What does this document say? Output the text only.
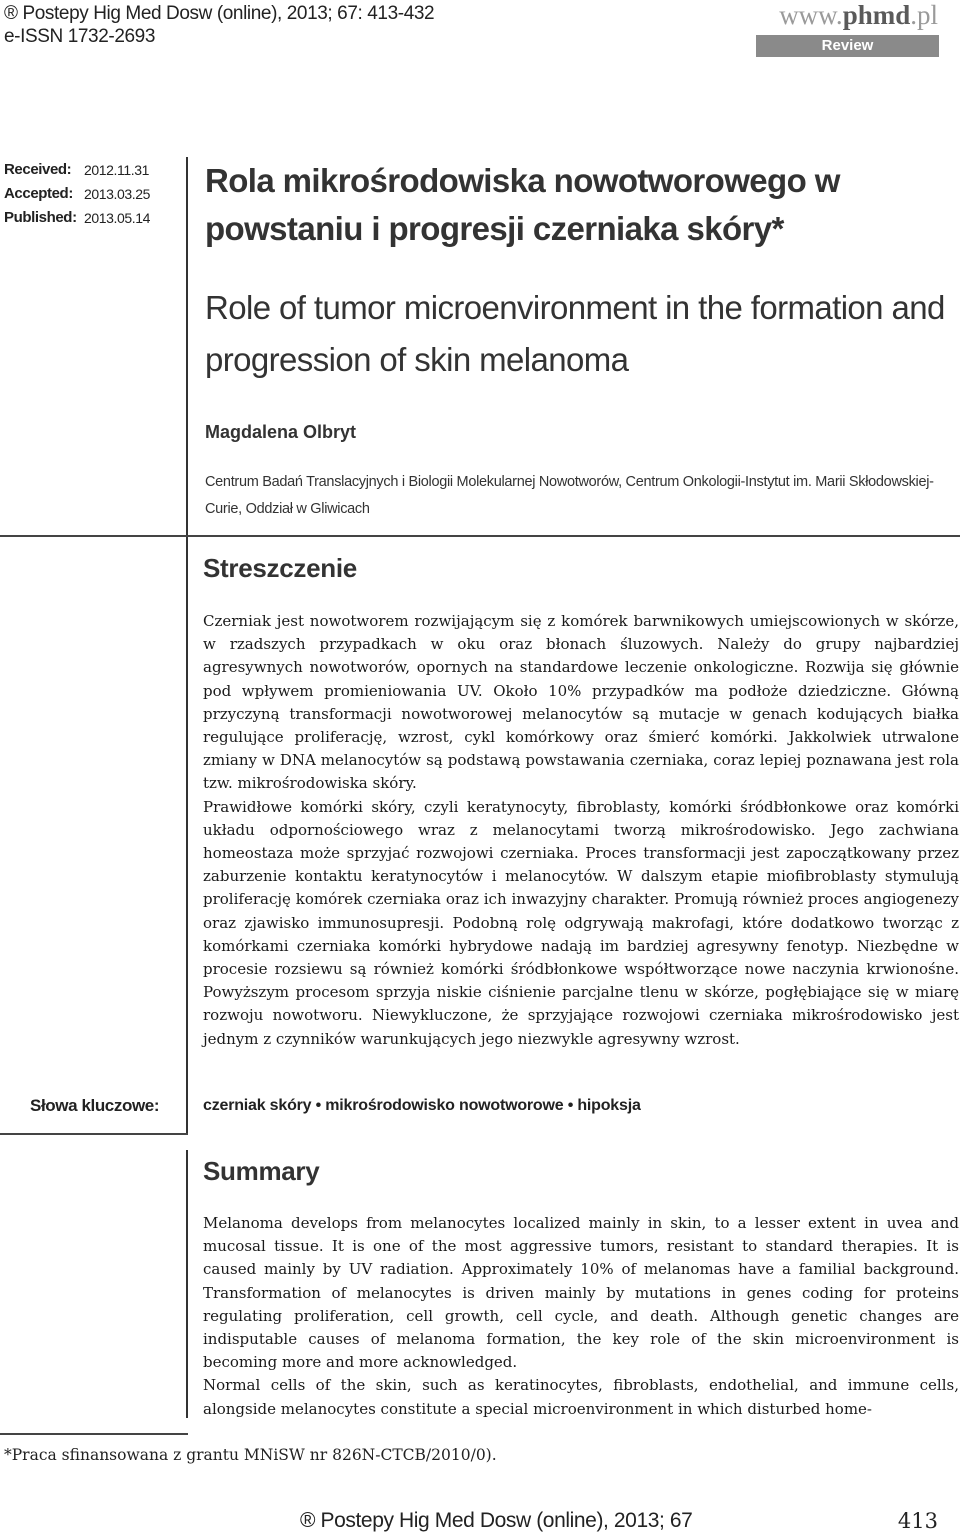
® Postepy Hig Med Dosw (online), 2013; 67: 413-432
e-ISSN 1732-2693
www.phmd.pl
Review
Received: 2012.11.31
Accepted: 2013.03.25
Published: 2013.05.14
Rola mikrośrodowiska nowotworowego w powstaniu i progresji czerniaka skóry*
Role of tumor microenvironment in the formation and progression of skin melanoma
Magdalena Olbryt
Centrum Badań Translacyjnych i Biologii Molekularnej Nowotworów, Centrum Onkologii-Instytut im. Marii Skłodowskiej-Curie, Oddział w Gliwicach
Streszczenie

Czerniak jest nowotworem rozwijającym się z komórek barwnikowych umiejscowionych w skórze, w rzadszych przypadkach w oku oraz błonach śluzowych. Należy do grupy najbardziej agresywnych nowotworów, opornych na standardowe leczenie onkologiczne. Rozwija się głównie pod wpływem promieniowania UV. Około 10% przypadków ma podłoże dziedziczne. Główną przyczyną transformacji nowotworowej melanocytów są mutacje w genach kodujących białka regulujące proliferację, wzrost, cykl komórkowy oraz śmierć komórki. Jakkolwiek utrwalone zmiany w DNA melanocytów są podstawą powstawania czerniaka, coraz lepiej poznawana jest rola tzw. mikrośrodowiska skóry.

Prawidłowe komórki skóry, czyli keratynocyty, fibroblasty, komórki śródbłonkowe oraz komórki układu odpornościowego wraz z melanocytami tworzą mikrośrodowisko. Jego zachwiana homeostaza może sprzyjać rozwojowi czerniaka. Proces transformacji jest zapoczątkowany przez zaburzenie kontaktu keratynocytów i melanocytów. W dalszym etapie miofibroblasty stymulują proliferację komórek czerniaka oraz ich inwazyjny charakter. Promują również proces angiogenezy oraz zjawisko immunosupresji. Podobną rolę odgrywają makrofagi, które dodatkowo tworząc z komórkami czerniaka komórki hybrydowe nadają im bardziej agresywny fenotyp. Niezbędne w procesie rozsiewu są również komórki śródbłonkowe współtworzące nowe naczynia krwionośne. Powyższym procesom sprzyja niskie ciśnienie parcjalne tlenu w skórze, pogłębiające się w miarę rozwoju nowotworu. Niewykluczone, że sprzyjające rozwojowi czerniaka mikrośrodowisko jest jednym z czynników warunkujących jego niezwykle agresywny wzrost.

Słowa kluczowe:	czerniak skóry • mikrośrodowisko nowotworowe • hipoksja
Summary

Melanoma develops from melanocytes localized mainly in skin, to a lesser extent in uvea and mucosal tissue. It is one of the most aggressive tumors, resistant to standard therapies. It is caused mainly by UV radiation. Approximately 10% of melanomas have a familial background. Transformation of melanocytes is driven mainly by mutations in genes coding for proteins regulating proliferation, cell growth, cell cycle, and death. Although genetic changes are indisputable causes of melanoma formation, the key role of the skin microenvironment is becoming more and more acknowledged.

Normal cells of the skin, such as keratinocytes, fibroblasts, endothelial, and immune cells, alongside melanocytes constitute a special microenvironment in which disturbed home-

*Praca sfinansowana z grantu MNiSW nr 826N-CTCB/2010/0).
® Postepy Hig Med Dosw (online), 2013; 67	413
